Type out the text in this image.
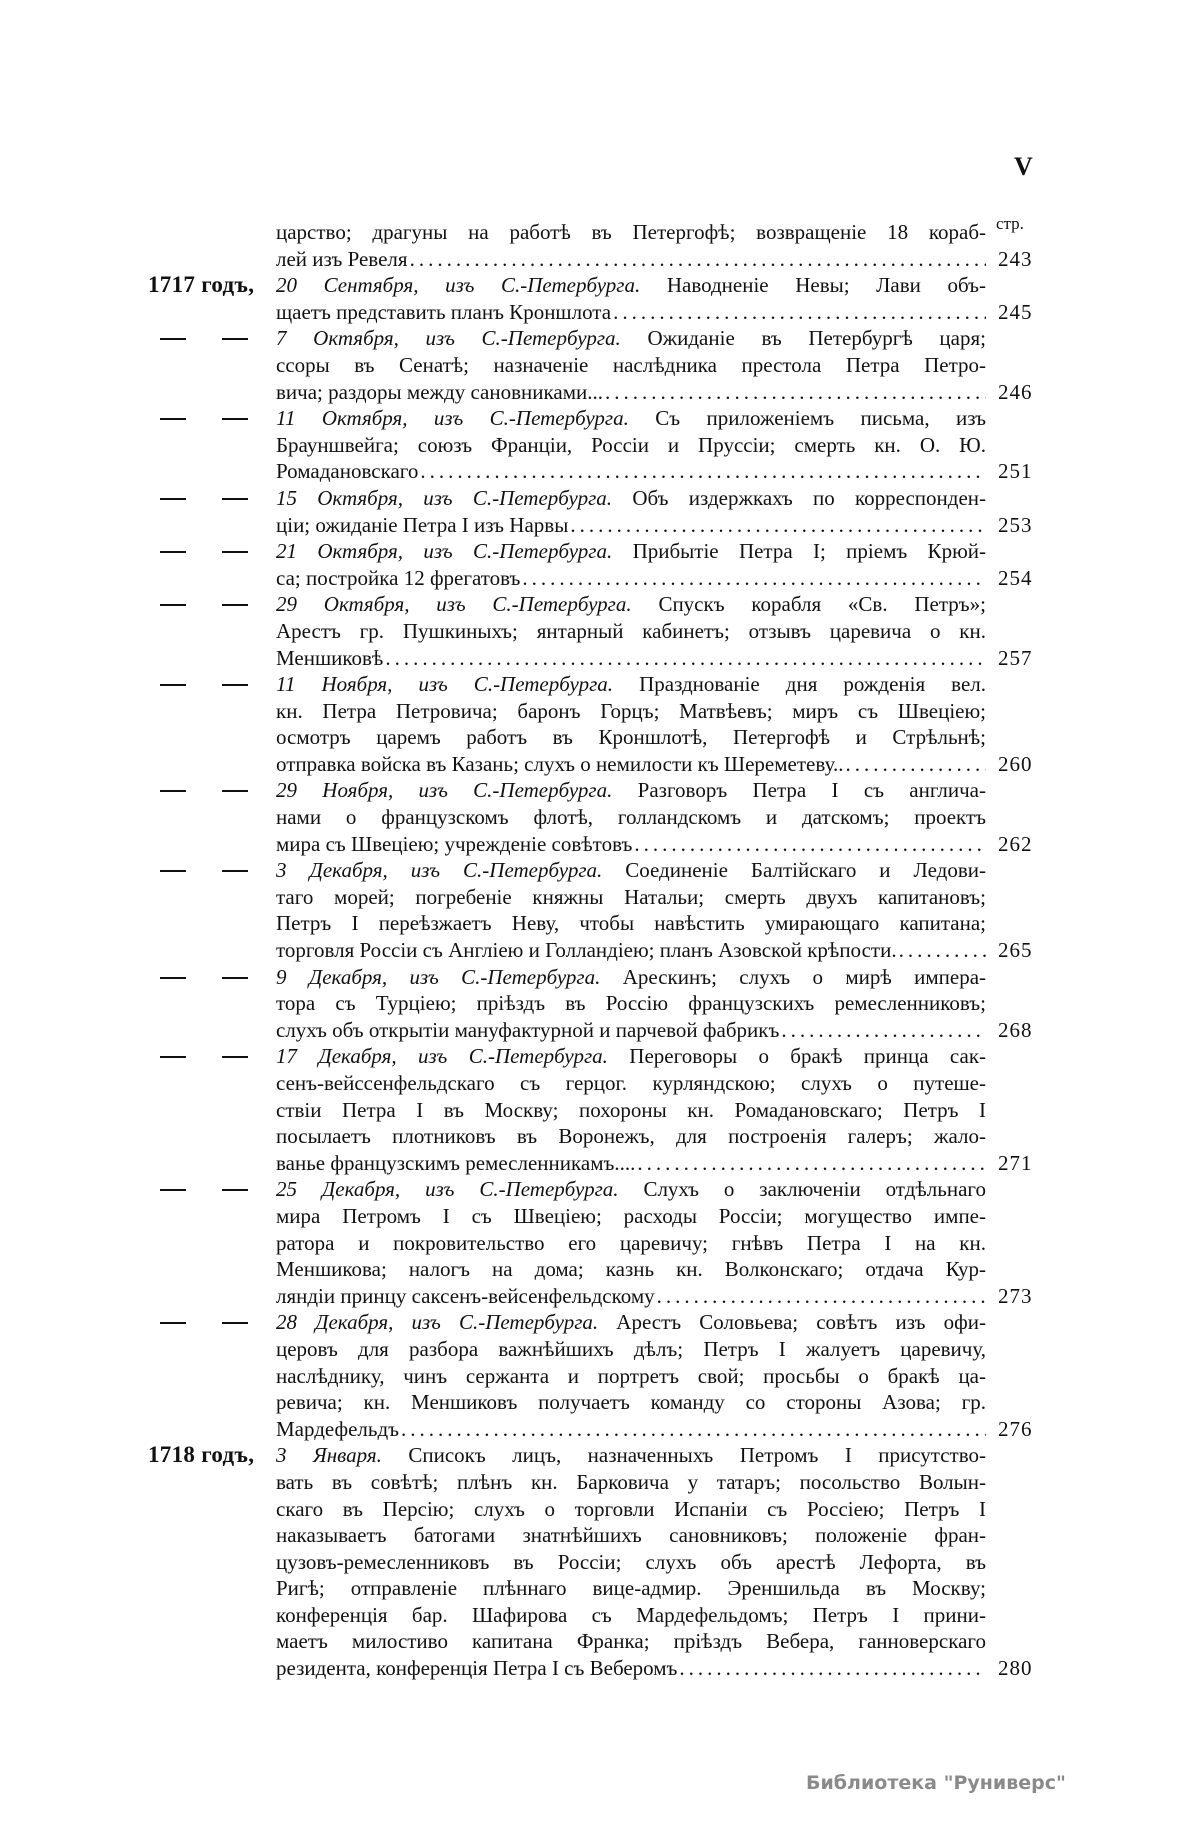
V
стр.
царство; драгуны на работѣ въ Петергофѣ; возвращеніе 18 кораб-
лей изъ Ревеля .....	243
1717 годъ, 20 Сентября, изъ С.-Петербурга. Наводненіе Невы; Лави объ-
щаетъ представить планъ Кроншлота .....	245

7 Октября, изъ С.-Петербурга. Ожиданіе въ Петербургѣ царя;
ссоры въ Сенатѣ; назначеніе наслѣдника престола Петра Петро-
вича; раздоры между сановниками... .....	246

11 Октября, изъ С.-Петербурга. Съ приложеніемъ письма, изъ
Брауншвейга; союзъ Франціи, Россіи и Пруссіи; смерть кн. О. Ю.
Ромадановскаго .....	251

15 Октября, изъ С.-Петербурга. Объ издержкахъ по корреспонден-
ціи; ожиданіе Петра I изъ Нарвы .....	253

21 Октября, изъ С.-Петербурга. Прибытіе Петра I; пріемъ Крюй-
са; постройка 12 фрегатовъ .....	254

29 Октября, изъ С.-Петербурга. Спускъ корабля «Св. Петръ»;
Арестъ гр. Пушкиныхъ; янтарный кабинетъ; отзывъ царевича о кн.
Меншиковѣ .....	257

11 Ноября, изъ С.-Петербурга. Празднованіе дня рожденія вел.
кн. Петра Петровича; баронъ Горцъ; Матвѣевъ; миръ съ Швеціею;
осмотръ царемъ работъ въ Кроншлотѣ, Петергофѣ и Стрѣльнѣ;
отправка войска въ Казань; слухъ о немилости къ Шереметеву.. .....	260

29 Ноября, изъ С.-Петербурга. Разговоръ Петра I съ англича-
нами о французскомъ флотѣ, голландскомъ и датскомъ; проектъ
мира съ Швеціею; учрежденіе совѣтовъ .....	262

3 Декабря, изъ С.-Петербурга. Соединеніе Балтійскаго и Ледови-
таго морей; погребеніе княжны Натальи; смерть двухъ капитановъ;
Петръ I переѣзжаетъ Неву, чтобы навѣстить умирающаго капитана;
торговля Россіи съ Англіею и Голландіею; планъ Азовской крѣпости. .....	265

9 Декабря, изъ С.-Петербурга. Арескинъ; слухъ о мирѣ импера-
тора съ Турціею; пріѣздъ въ Россію французскихъ ремесленниковъ;
слухъ объ открытіи мануфактурной и парчевой фабрикъ .....	268

17 Декабря, изъ С.-Петербурга. Переговоры о бракѣ принца сак-
сенъ-вейссенфельдскаго съ герцог. курляндскою; слухъ о путеше-
ствіи Петра I въ Москву; похороны кн. Ромадановскаго; Петръ I
посылаетъ плотниковъ въ Воронежъ, для построенія галеръ; жало-
ванье французскимъ ремесленникамъ.... .....	271

25 Декабря, изъ С.-Петербурга. Слухъ о заключеніи отдѣльнаго
мира Петромъ I съ Швеціею; расходы Россіи; могущество импе-
ратора и покровительство его царевичу; гнѣвъ Петра I на кн.
Меншикова; налогъ на дома; казнь кн. Волконскаго; отдача Кур-
ляндіи принцу саксенъ-вейсенфельдскому .....	273

28 Декабря, изъ С.-Петербурга. Арестъ Соловьева; совѣтъ изъ офи-
церовъ для разбора важнѣйшихъ дѣлъ; Петръ I жалуетъ царевичу,
наслѣднику, чинъ сержанта и портретъ свой; просьбы о бракѣ ца-
ревича; кн. Меншиковъ получаетъ команду со стороны Азова; гр.
Мардефельдъ .....	276
1718 годъ, 3 Января. Списокъ лицъ, назначенныхъ Петромъ I присутство-
вать въ совѣтѣ; плѣнъ кн. Барковича у татаръ; посольство Волын-
скаго въ Персію; слухъ о торговли Испаніи съ Россіею; Петръ I
наказываетъ батогами знатнѣйшихъ сановниковъ; положеніе фран-
цузовъ-ремесленниковъ въ Россіи; слухъ объ арестѣ Лефорта, въ
Ригѣ; отправленіе плѣннаго вице-адмир. Эреншильда въ Москву;
конференція бар. Шафирова съ Мардефельдомъ; Петръ I прини-
маетъ милостиво капитана Франка; пріѣздъ Вебера, ганноверскаго
резидента, конференція Петра I съ Веберомъ .....	280
Библиотека "Руниверс"
